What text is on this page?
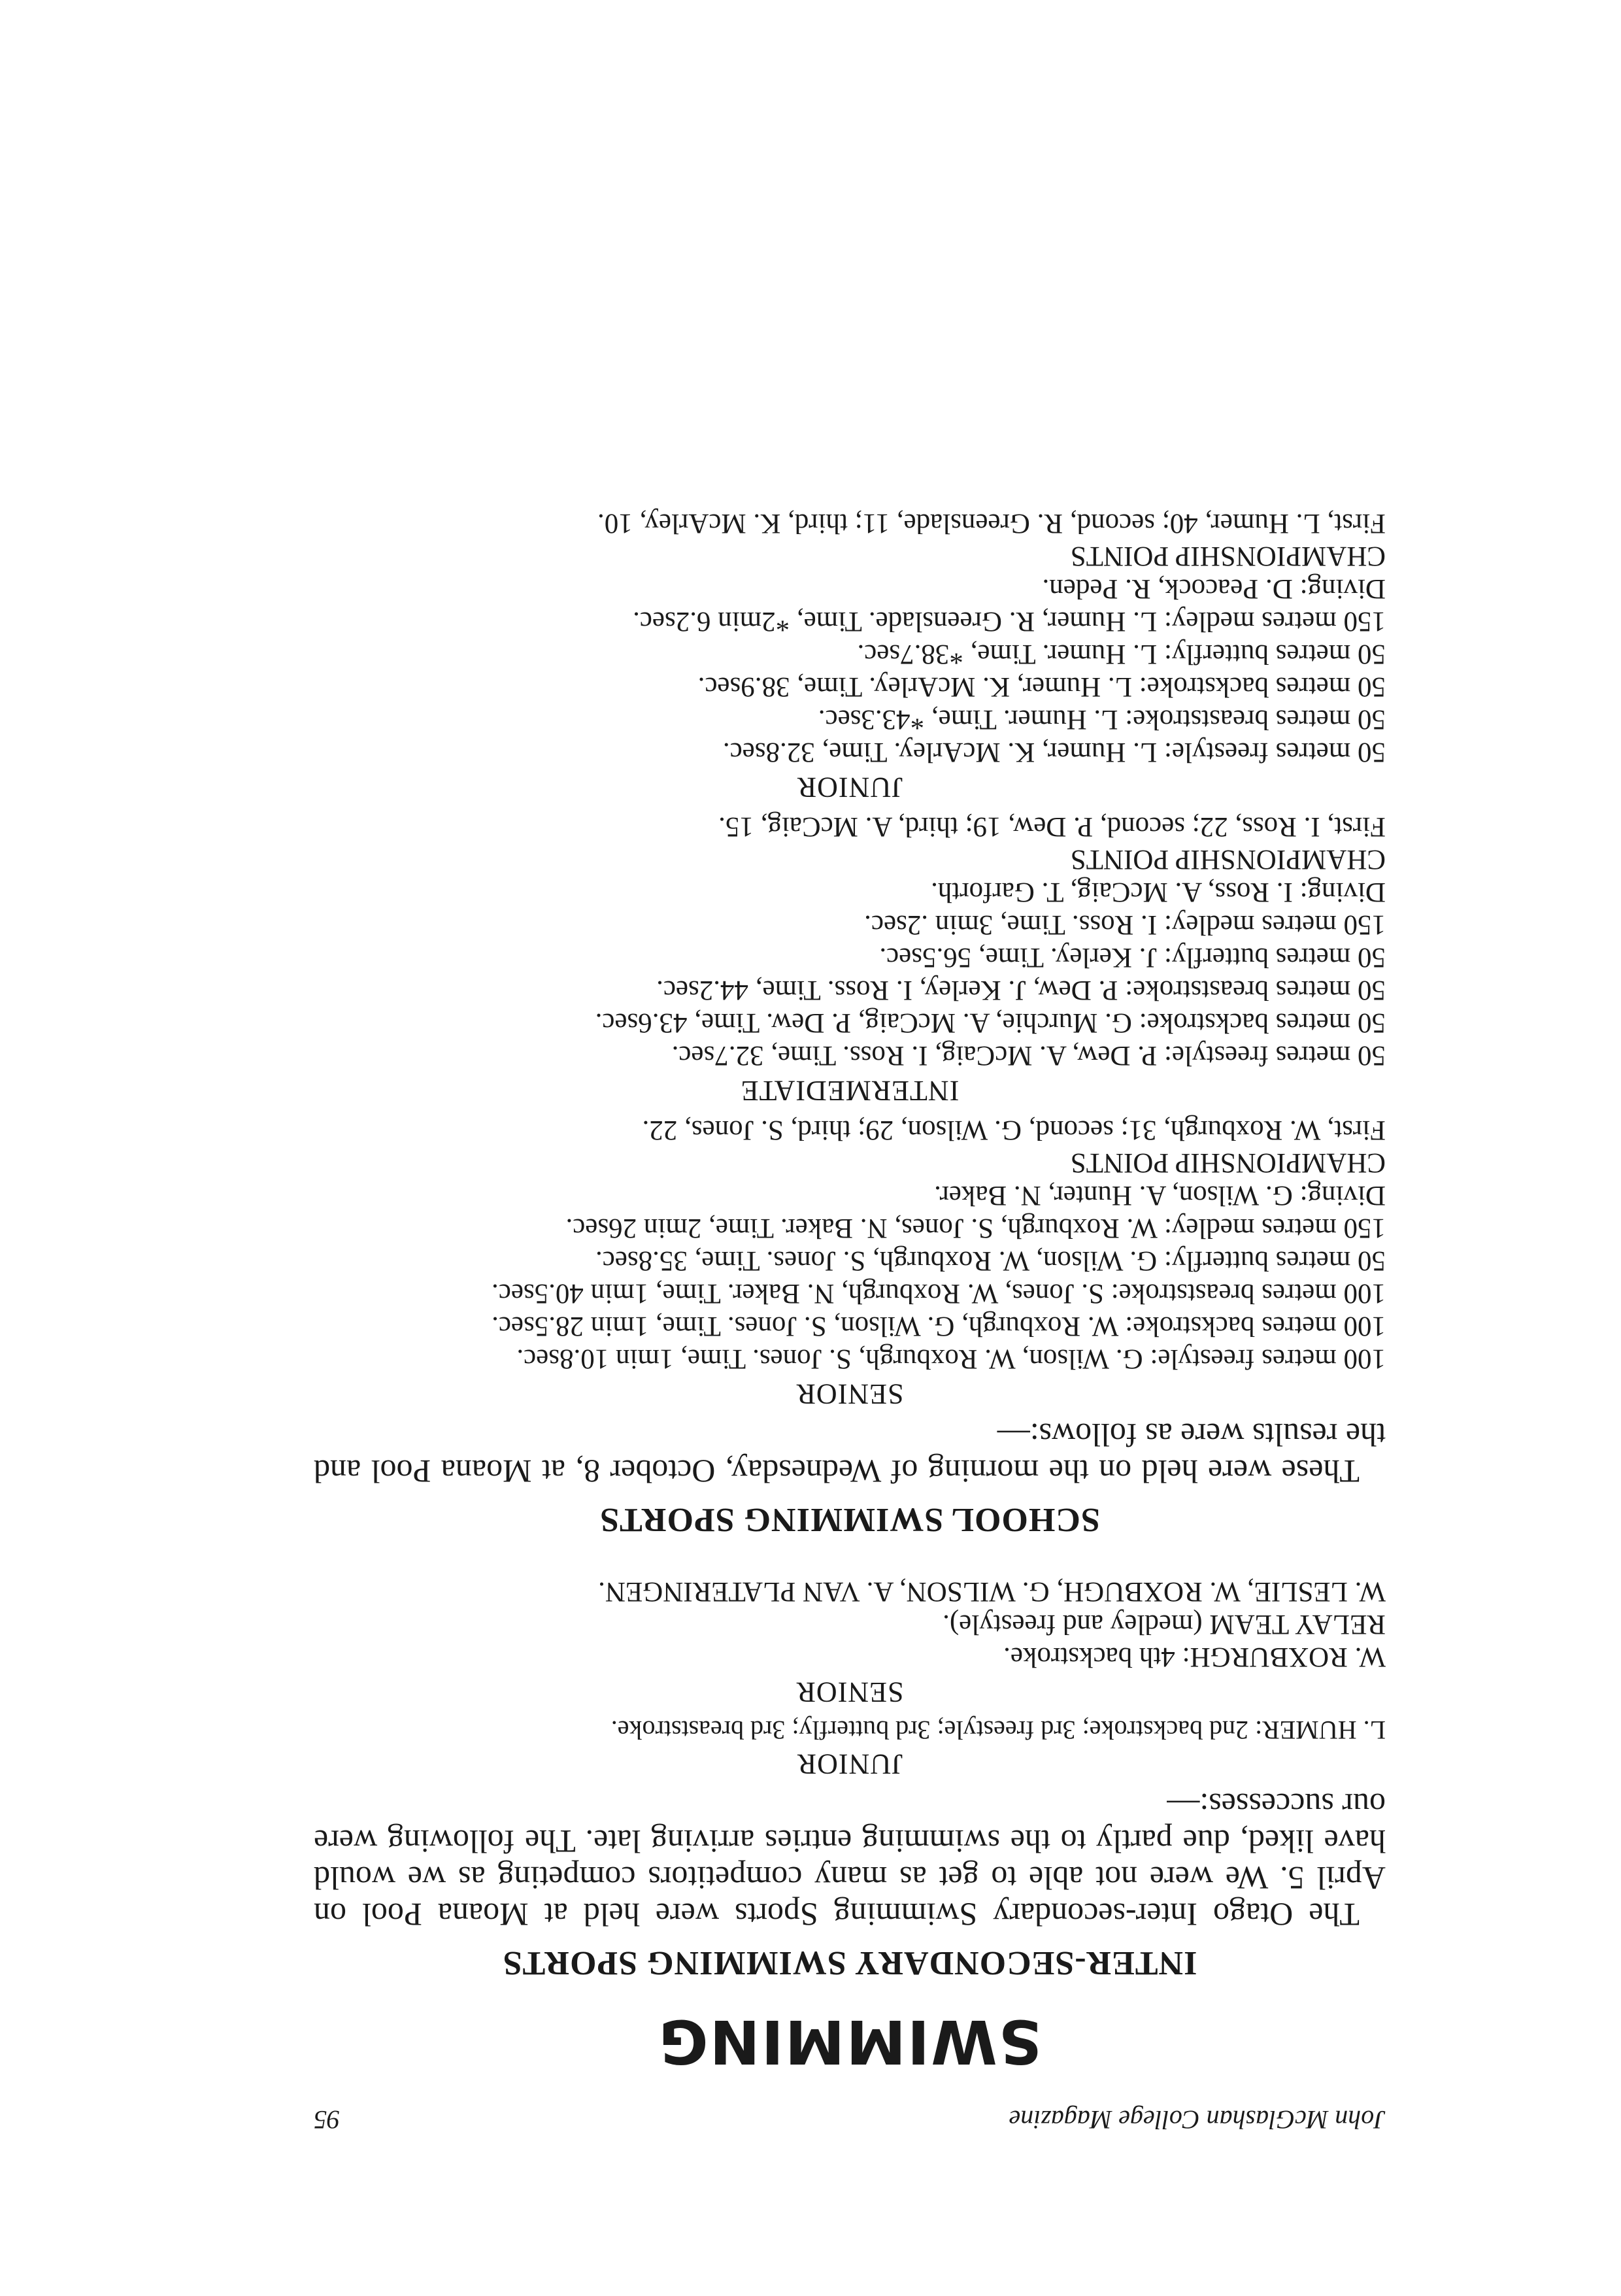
John McGlashan College Magazine
95
SWIMMING
INTER-SECONDARY SWIMMING SPORTS

The Otago Inter-secondary Swimming Sports were held at Moana Pool on April 5. We were not able to get as many competitors competing as we would have liked, due partly to the swimming entries arriving late. The following were our successes:—

JUNIOR

L. HUMER: 2nd backstroke; 3rd freestyle; 3rd butterfly; 3rd breaststroke.

SENIOR

W. ROXBURGH: 4th backstroke.

RELAY TEAM (medley and freestyle).

W. LESLIE, W. ROXBUGH, G. WILSON, A. VAN PLATERINGEN.

SCHOOL SWIMMING SPORTS

These were held on the morning of Wednesday, October 8, at Moana Pool and the results were as follows:—

SENIOR

100 metres freestyle: G. Wilson, W. Roxburgh, S. Jones. Time, 1min 10.8sec.

100 metres backstroke: W. Roxburgh, G. Wilson, S. Jones. Time, 1min 28.5sec.

100 metres breaststroke: S. Jones, W. Roxburgh, N. Baker. Time, 1min 40.5sec.

50 metres butterfly: G. Wilson, W. Roxburgh, S. Jones. Time, 35.8sec.

150 metres medley: W. Roxburgh, S. Jones, N. Baker. Time, 2min 26sec.

Diving: G. Wilson, A. Hunter, N. Baker.

CHAMPIONSHIP POINTS

First, W. Roxburgh, 31; second, G. Wilson, 29; third, S. Jones, 22.

INTERMEDIATE

50 metres freestyle: P. Dew, A. McCaig, I. Ross. Time, 32.7sec.

50 metres backstroke: G. Murchie, A. McCaig, P. Dew. Time, 43.6sec.

50 metres breaststroke: P. Dew, J. Kerley, I. Ross. Time, 44.2sec.

50 metres butterfly: J. Kerley. Time, 56.5sec.

150 metres medley: I. Ross. Time, 3min .2sec.

Diving: I. Ross, A. McCaig, T. Garforth.

CHAMPIONSHIP POINTS

First, I. Ross, 22; second, P. Dew, 19; third, A. McCaig, 15.

JUNIOR

50 metres freestyle: L. Humer, K. McArley. Time, 32.8sec.

50 metres breaststroke: L. Humer. Time, *43.3sec.

50 metres backstroke: L. Humer, K. McArley. Time, 38.9sec.

50 metres butterfly: L. Humer. Time, *38.7sec.

150 metres medley: L. Humer, R. Greenslade. Time, *2min 6.2sec.

Diving: D. Peacock, R. Peden.

CHAMPIONSHIP POINTS

First, L. Humer, 40; second, R. Greenslade, 11; third, K. McArley, 10.
